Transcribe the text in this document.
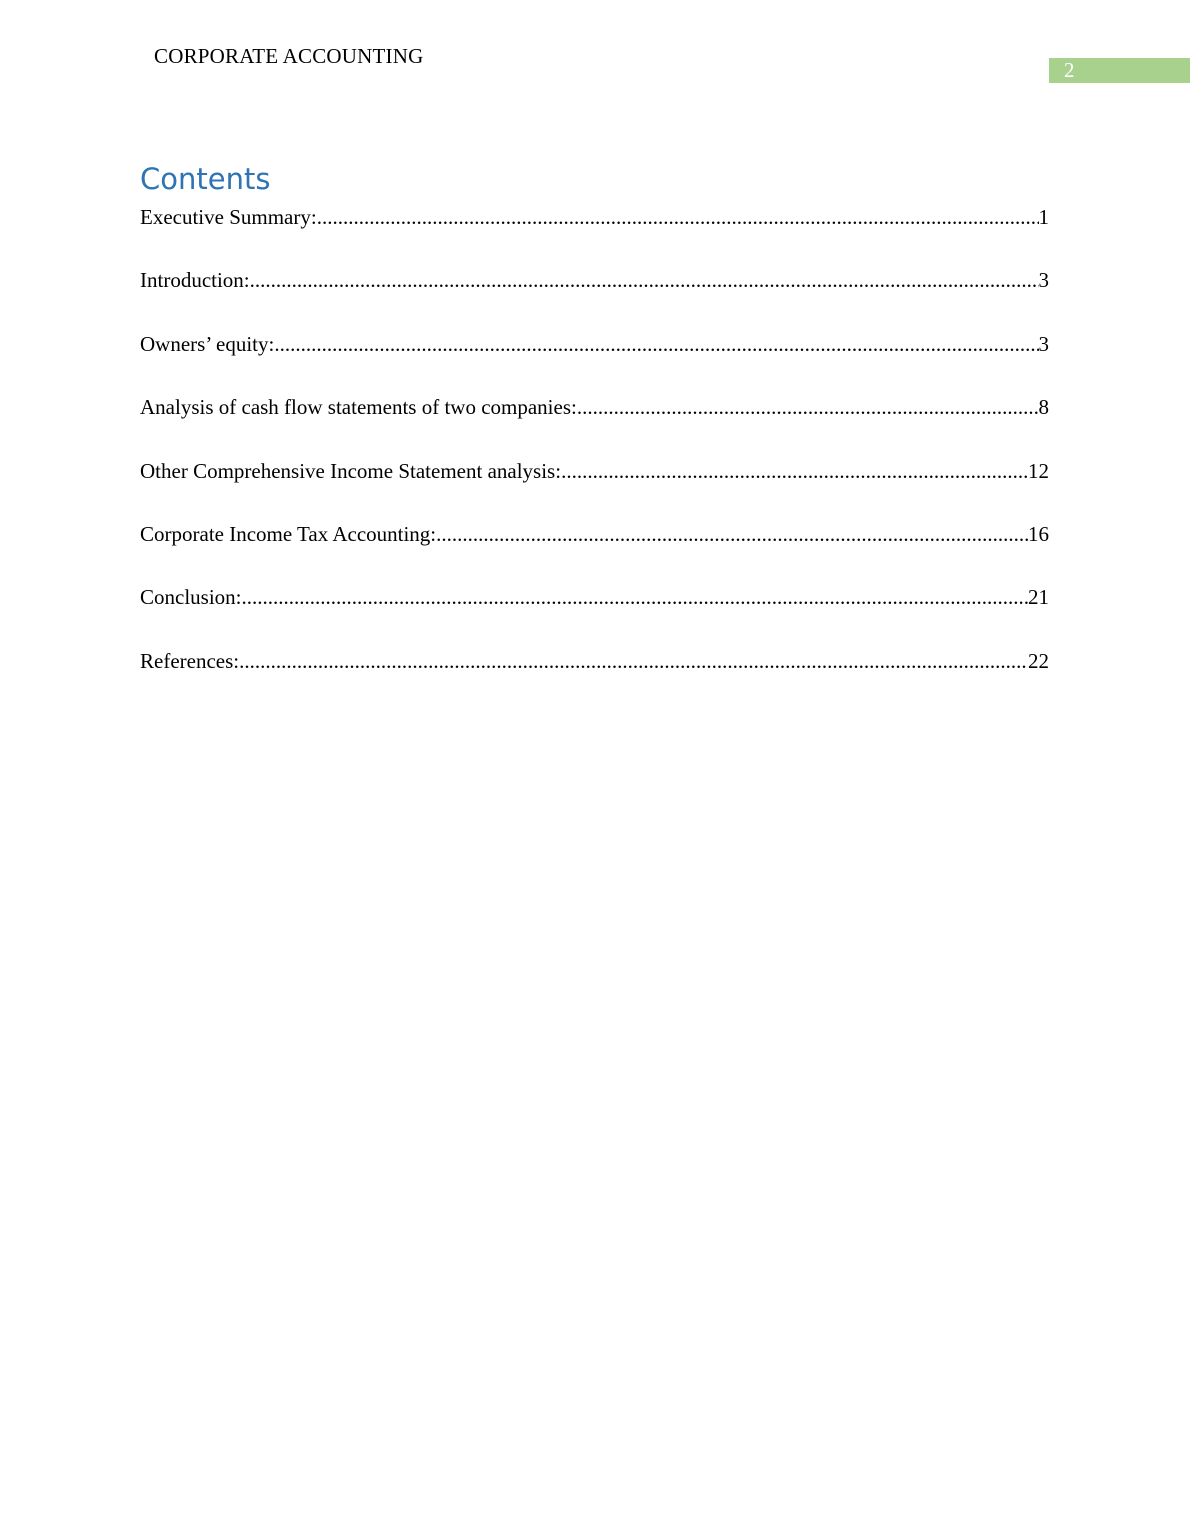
CORPORATE ACCOUNTING
2
Contents
Executive Summary: .....	1
Introduction: .....	3
Owners’ equity: .....	3
Analysis of cash flow statements of two companies: .....	8
Other Comprehensive Income Statement analysis: .....	12
Corporate Income Tax Accounting: .....	16
Conclusion: .....	21
References: .....	22
